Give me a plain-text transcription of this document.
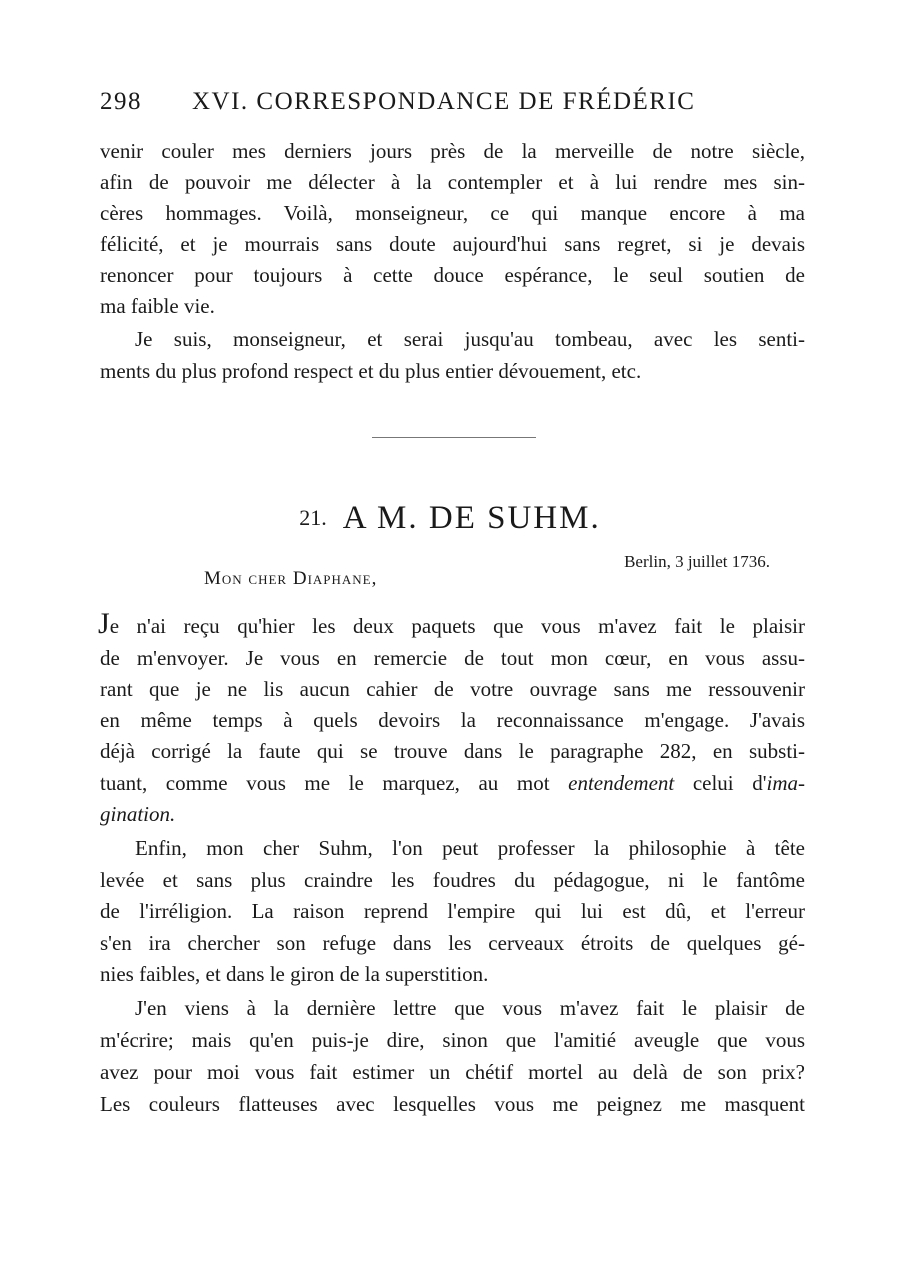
298 XVI. CORRESPONDANCE DE FRÉDÉRIC
venir couler mes derniers jours près de la merveille de notre siècle,
afin de pouvoir me délecter à la contempler et à lui rendre mes sin-
cères hommages. Voilà, monseigneur, ce qui manque encore à ma
félicité, et je mourrais sans doute aujourd'hui sans regret, si je devais
renoncer pour toujours à cette douce espérance, le seul soutien de
ma faible vie.
Je suis, monseigneur, et serai jusqu'au tombeau, avec les senti-
ments du plus profond respect et du plus entier dévouement, etc.
21. A M. DE SUHM.
Berlin, 3 juillet 1736.
Mon cher Diaphane,
Je n'ai reçu qu'hier les deux paquets que vous m'avez fait le plaisir
de m'envoyer. Je vous en remercie de tout mon cœur, en vous assu-
rant que je ne lis aucun cahier de votre ouvrage sans me ressouvenir
en même temps à quels devoirs la reconnaissance m'engage. J'avais
déjà corrigé la faute qui se trouve dans le paragraphe 282, en substi-
tuant, comme vous me le marquez, au mot entendement celui d'ima-
gination.
Enfin, mon cher Suhm, l'on peut professer la philosophie à tête
levée et sans plus craindre les foudres du pédagogue, ni le fantôme
de l'irréligion. La raison reprend l'empire qui lui est dû, et l'erreur
s'en ira chercher son refuge dans les cerveaux étroits de quelques gé-
nies faibles, et dans le giron de la superstition.
J'en viens à la dernière lettre que vous m'avez fait le plaisir de
m'écrire; mais qu'en puis-je dire, sinon que l'amitié aveugle que vous
avez pour moi vous fait estimer un chétif mortel au delà de son prix?
Les couleurs flatteuses avec lesquelles vous me peignez me masquent
